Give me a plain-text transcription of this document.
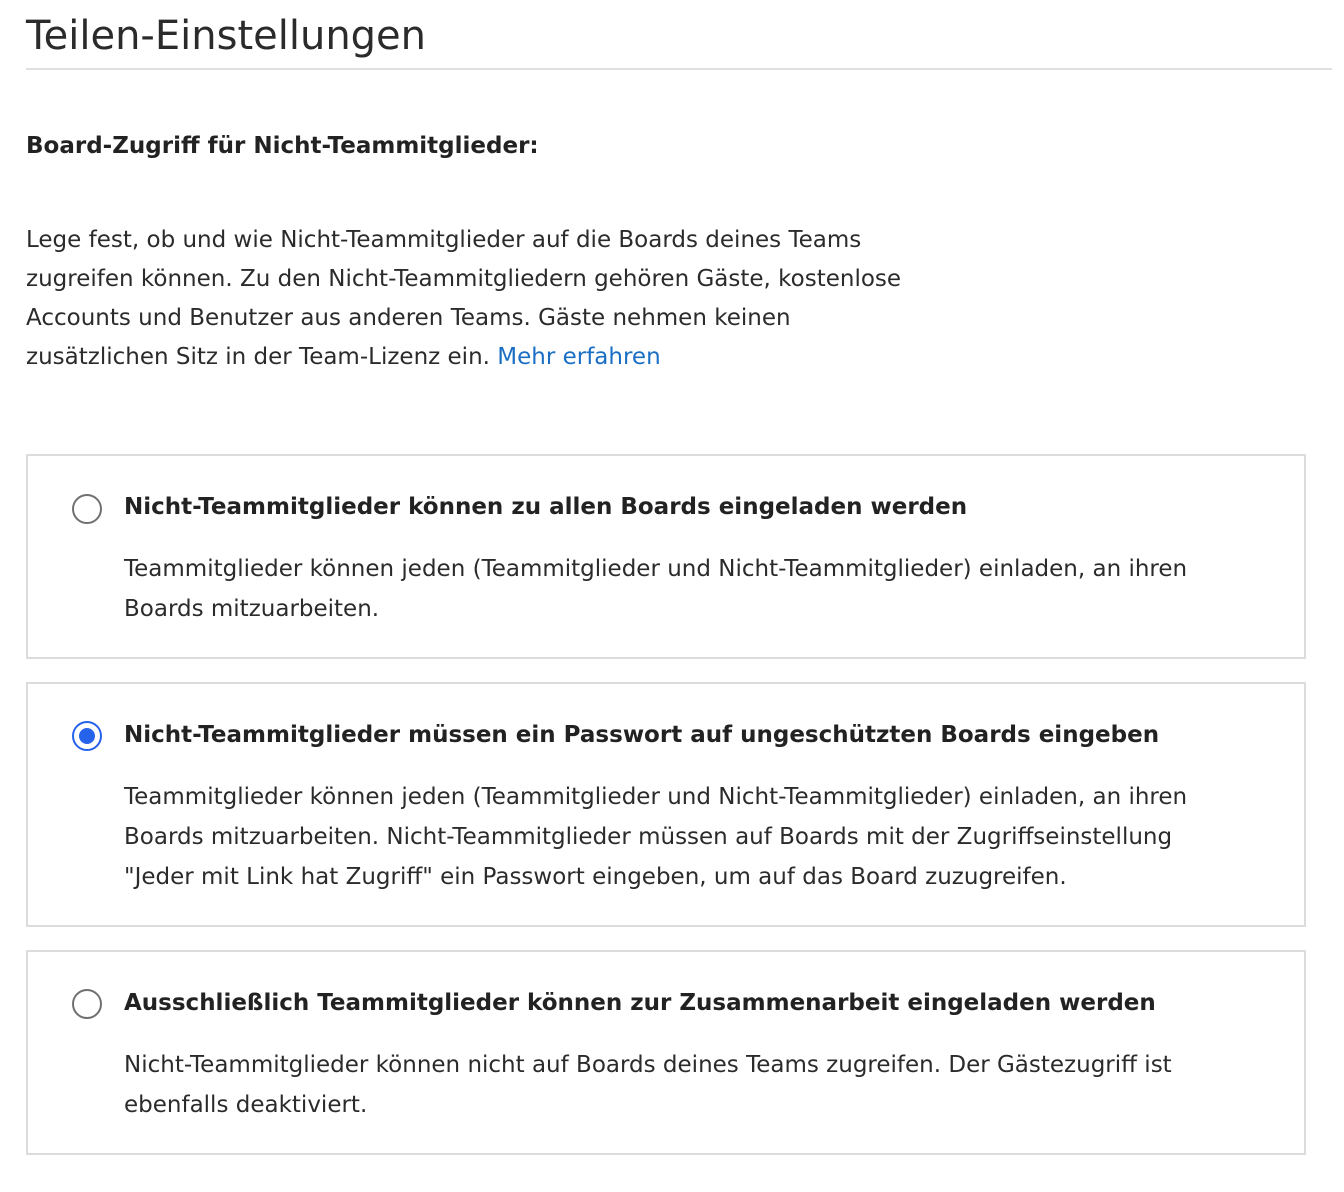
Teilen-Einstellungen
Board-Zugriff für Nicht-Teammitglieder:

Lege fest, ob und wie Nicht-Teammitglieder auf die Boards deines Teams
zugreifen können. Zu den Nicht-Teammitgliedern gehören Gäste, kostenlose
Accounts und Benutzer aus anderen Teams. Gäste nehmen keinen
zusätzlichen Sitz in der Team-Lizenz ein. Mehr erfahren

Nicht-Teammitglieder können zu allen Boards eingeladen werden

Teammitglieder können jeden (Teammitglieder und Nicht-Teammitglieder) einladen, an ihren
Boards mitzuarbeiten.

Nicht-Teammitglieder müssen ein Passwort auf ungeschützten Boards eingeben

Teammitglieder können jeden (Teammitglieder und Nicht-Teammitglieder) einladen, an ihren
Boards mitzuarbeiten. Nicht-Teammitglieder müssen auf Boards mit der Zugriffseinstellung
"Jeder mit Link hat Zugriff" ein Passwort eingeben, um auf das Board zuzugreifen.

Ausschließlich Teammitglieder können zur Zusammenarbeit eingeladen werden

Nicht-Teammitglieder können nicht auf Boards deines Teams zugreifen. Der Gästezugriff ist
ebenfalls deaktiviert.
